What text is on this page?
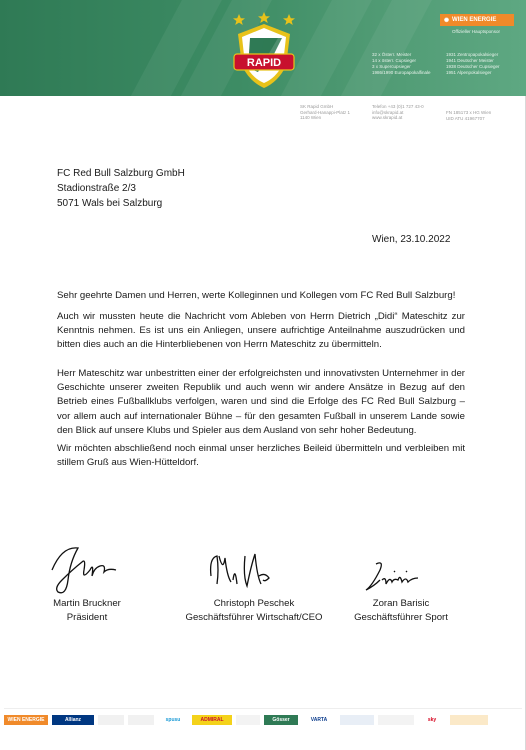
RAPID
✺ WIEN ENERGIE
Offizieller Hauptsponsor
32 x Österr. Meister
14 x österr. Cupsieger
3 x Supercupsieger
1986/1990 Europapokalfinale
1931 Zentropapokalsieger
1941 Deutscher Meister
1938 Deutscher Cupsieger
1951 Alpenpokalsieger
SK Rapid GmbH
Gerhard-Hanappi-Platz 1
1140 Wien
Telefon +43 (0)1 727 43-0
info@skrapid.at
www.skrapid.at
FN 185173 x HG Wien
UID ATU 41967707
FC Red Bull Salzburg GmbH
Stadionstraße 2/3
5071 Wals bei Salzburg
Wien, 23.10.2022
Sehr geehrte Damen und Herren, werte Kolleginnen und Kollegen vom FC Red Bull Salzburg!
Auch wir mussten heute die Nachricht vom Ableben von Herrn Dietrich „Didi“ Mateschitz zur Kenntnis nehmen. Es ist uns ein Anliegen, unsere aufrichtige Anteilnahme auszudrücken und bitten dies auch an die Hinterbliebenen von Herrn Mateschitz zu übermitteln.
Herr Mateschitz war unbestritten einer der erfolgreichsten und innovativsten Unternehmer in der Geschichte unserer zweiten Republik und auch wenn wir andere Ansätze in Bezug auf den Betrieb eines Fußballklubs verfolgen, waren und sind die Erfolge des FC Red Bull Salzburg – vor allem auch auf internationaler Bühne – für den gesamten Fußball in unserem Lande sowie den Blick auf unsere Klubs und Spieler aus dem Ausland von sehr hoher Bedeutung.
Wir möchten abschließend noch einmal unser herzliches Beileid übermitteln und verbleiben mit stillem Gruß aus Wien-Hütteldorf.
Martin Bruckner
Präsident
Christoph Peschek
Geschäftsführer Wirtschaft/CEO
Zoran Barisic
Geschäftsführer Sport
WIEN ENERGIE	Allianz	spusu	ADMIRAL	Gösser	VARTA	sky
